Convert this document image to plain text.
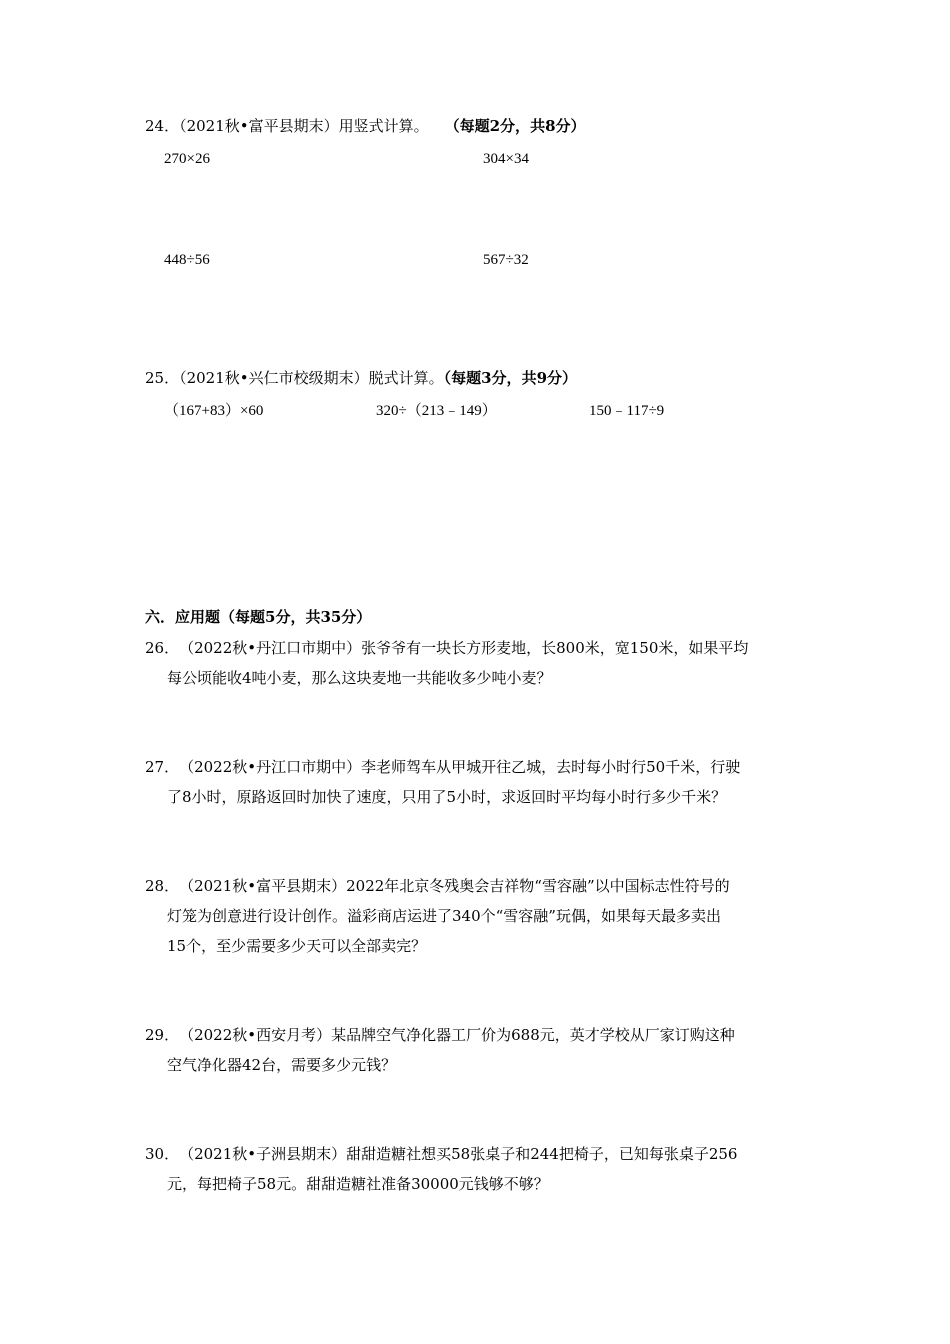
24．（2021秋•富平县期末）用竖式计算。 （每题2分，共8分）
270×26	304×34
448÷56	567÷32
25．（2021秋•兴仁市校级期末）脱式计算。（每题3分，共9分）
（167+83）×60	320÷（213﹣149）	150﹣117÷9
六．应用题（每题5分，共35分）
26．（2022秋•丹江口市期中）张爷爷有一块长方形麦地，长800米，宽150米，如果平均
每公顷能收4吨小麦，那么这块麦地一共能收多少吨小麦？
27．（2022秋•丹江口市期中）李老师驾车从甲城开往乙城，去时每小时行50千米，行驶
了8小时，原路返回时加快了速度，只用了5小时，求返回时平均每小时行多少千米？
28．（2021秋•富平县期末）2022年北京冬残奥会吉祥物“雪容融”以中国标志性符号的
灯笼为创意进行设计创作。溢彩商店运进了340个“雪容融”玩偶，如果每天最多卖出
15个，至少需要多少天可以全部卖完？
29．（2022秋•西安月考）某品牌空气净化器工厂价为688元，英才学校从厂家订购这种
空气净化器42台，需要多少元钱？
30．（2021秋•子洲县期末）甜甜造糖社想买58张桌子和244把椅子，已知每张桌子256
元，每把椅子58元。甜甜造糖社准备30000元钱够不够？
